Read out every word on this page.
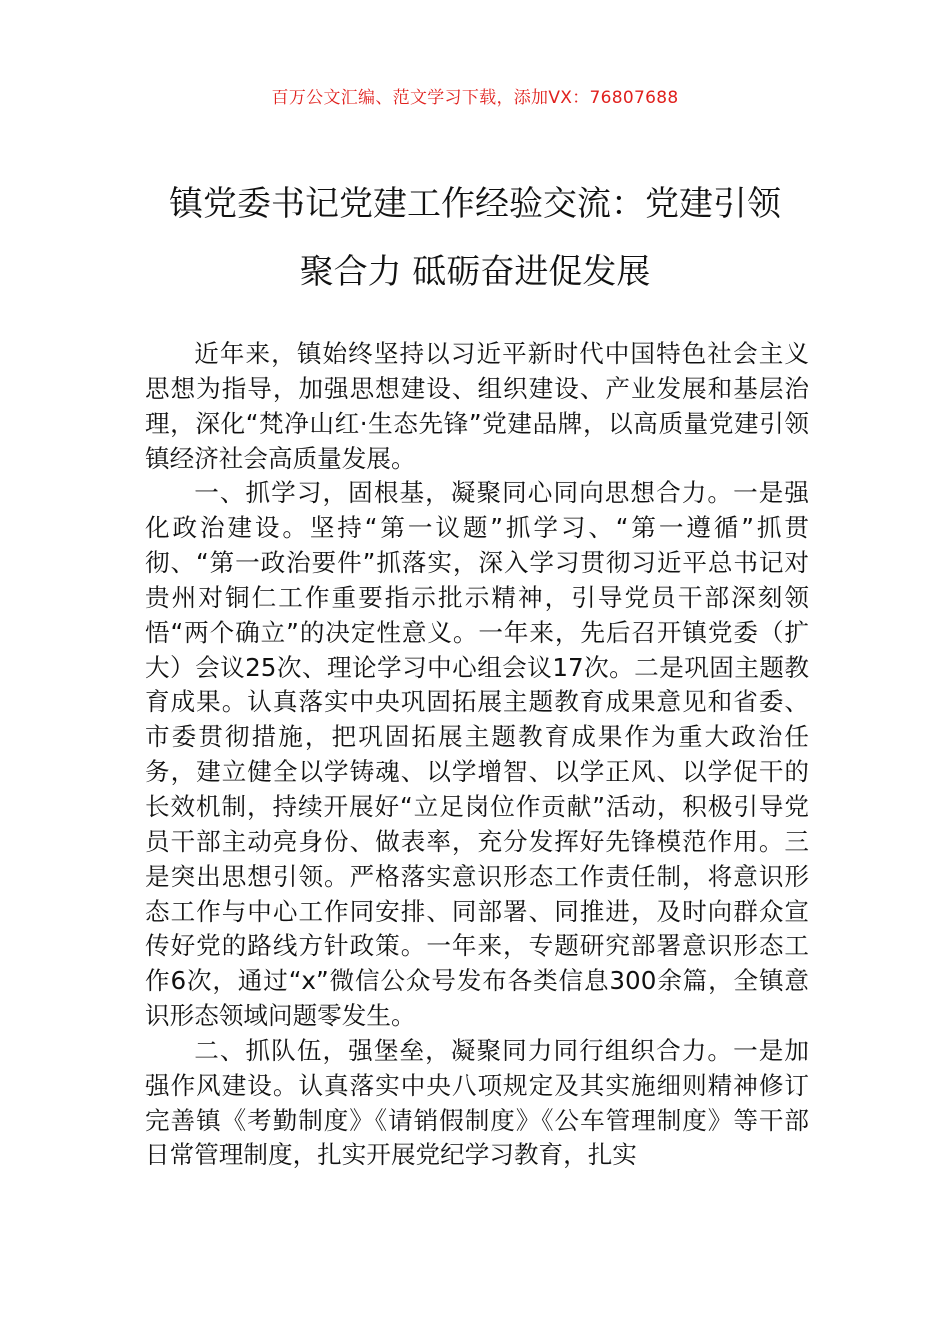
百万公文汇编、范文学习下载，添加VX：76807688
镇党委书记党建工作经验交流：党建引领
聚合力 砥砺奋进促发展

近年来，镇始终坚持以习近平新时代中国特色社会主义思想为指导，加强思想建设、组织建设、产业发展和基层治理，深化“梵净山红·生态先锋”党建品牌，以高质量党建引领镇经济社会高质量发展。

一、抓学习，固根基，凝聚同心同向思想合力。一是强化政治建设。坚持“第一议题”抓学习、“第一遵循”抓贯彻、“第一政治要件”抓落实，深入学习贯彻习近平总书记对贵州对铜仁工作重要指示批示精神，引导党员干部深刻领悟“两个确立”的决定性意义。一年来，先后召开镇党委（扩大）会议25次、理论学习中心组会议17次。二是巩固主题教育成果。认真落实中央巩固拓展主题教育成果意见和省委、市委贯彻措施，把巩固拓展主题教育成果作为重大政治任务，建立健全以学铸魂、以学增智、以学正风、以学促干的长效机制，持续开展好“立足岗位作贡献”活动，积极引导党员干部主动亮身份、做表率，充分发挥好先锋模范作用。三是突出思想引领。严格落实意识形态工作责任制，将意识形态工作与中心工作同安排、同部署、同推进，及时向群众宣传好党的路线方针政策。一年来，专题研究部署意识形态工作6次，通过“x”微信公众号发布各类信息300余篇，全镇意识形态领域问题零发生。

二、抓队伍，强堡垒，凝聚同力同行组织合力。一是加强作风建设。认真落实中央八项规定及其实施细则精神修订完善镇《考勤制度》《请销假制度》《公车管理制度》等干部日常管理制度，扎实开展党纪学习教育，扎实
